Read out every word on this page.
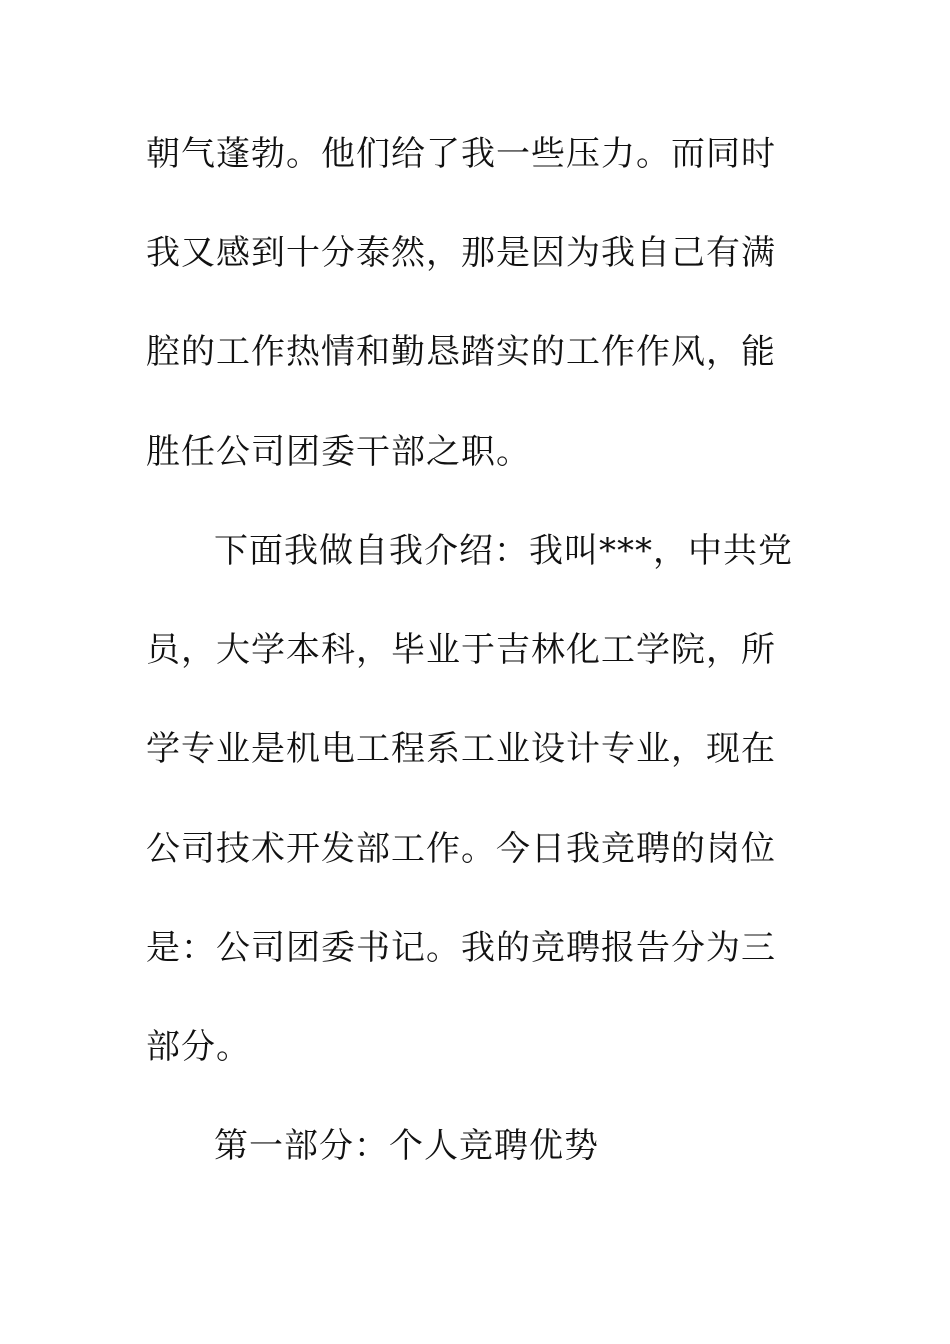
朝气蓬勃。他们给了我一些压力。而同时
我又感到十分泰然，那是因为我自己有满
腔的工作热情和勤恳踏实的工作作风，能
胜任公司团委干部之职。
下面我做自我介绍：我叫***，中共党
员，大学本科，毕业于吉林化工学院，所
学专业是机电工程系工业设计专业，现在
公司技术开发部工作。今日我竞聘的岗位
是：公司团委书记。我的竞聘报告分为三
部分。
第一部分：个人竞聘优势
